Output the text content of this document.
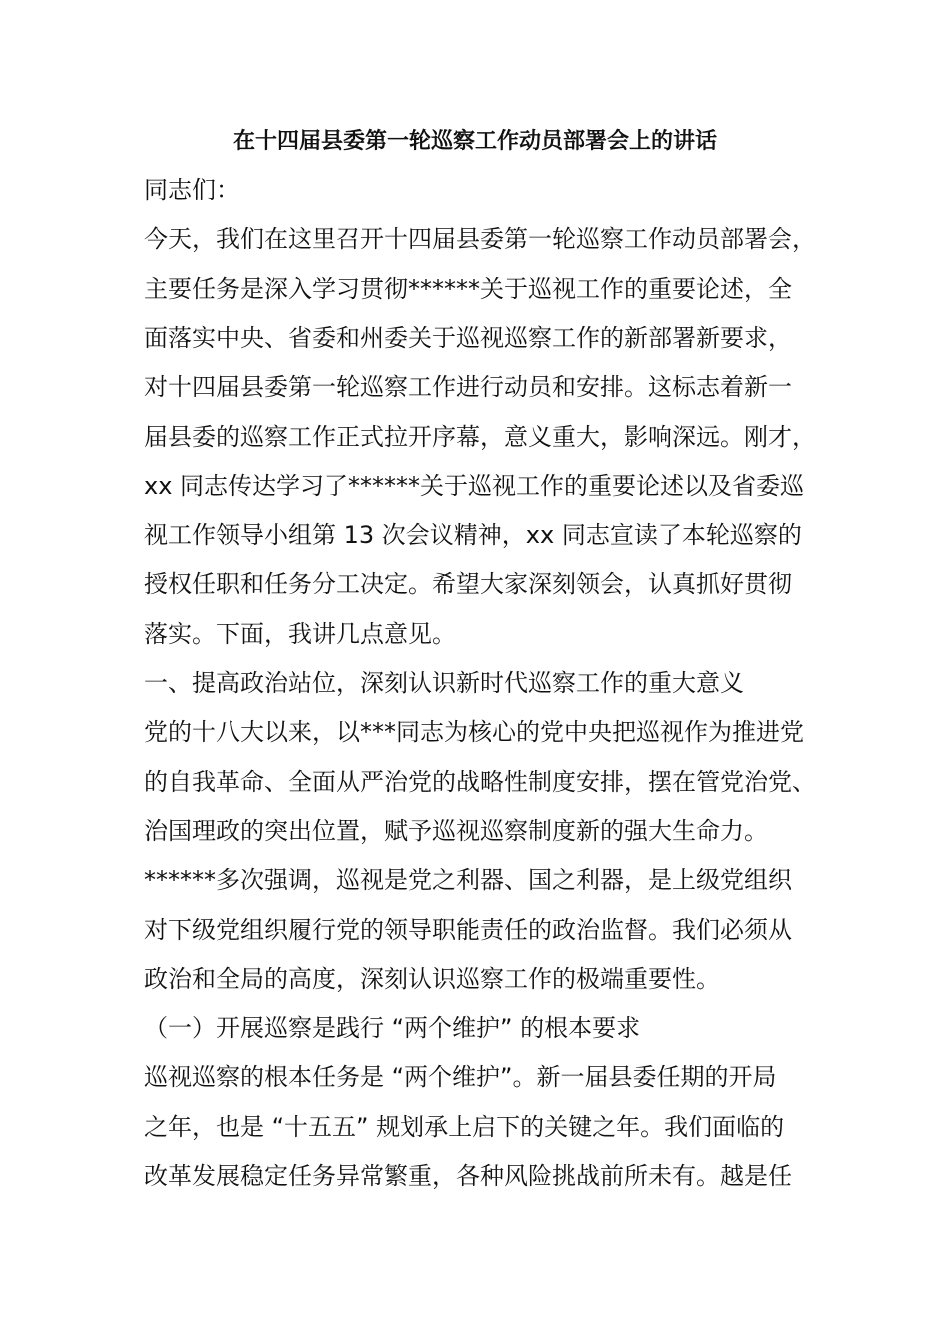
在十四届县委第一轮巡察工作动员部署会上的讲话
同志们：
今天，我们在这里召开十四届县委第一轮巡察工作动员部署会，
主要任务是深入学习贯彻******关于巡视工作的重要论述，全
面落实中央、省委和州委关于巡视巡察工作的新部署新要求，
对十四届县委第一轮巡察工作进行动员和安排。这标志着新一
届县委的巡察工作正式拉开序幕，意义重大，影响深远。刚才，
xx 同志传达学习了******关于巡视工作的重要论述以及省委巡
视工作领导小组第 13 次会议精神，xx 同志宣读了本轮巡察的
授权任职和任务分工决定。希望大家深刻领会，认真抓好贯彻
落实。下面，我讲几点意见。
一、提高政治站位，深刻认识新时代巡察工作的重大意义
党的十八大以来，以***同志为核心的党中央把巡视作为推进党
的自我革命、全面从严治党的战略性制度安排，摆在管党治党、
治国理政的突出位置，赋予巡视巡察制度新的强大生命力。
******多次强调，巡视是党之利器、国之利器，是上级党组织
对下级党组织履行党的领导职能责任的政治监督。我们必须从
政治和全局的高度，深刻认识巡察工作的极端重要性。
（一）开展巡察是践行 “两个维护” 的根本要求
巡视巡察的根本任务是 “两个维护”。新一届县委任期的开局
之年，也是 “十五五” 规划承上启下的关键之年。我们面临的
改革发展稳定任务异常繁重，各种风险挑战前所未有。越是任
